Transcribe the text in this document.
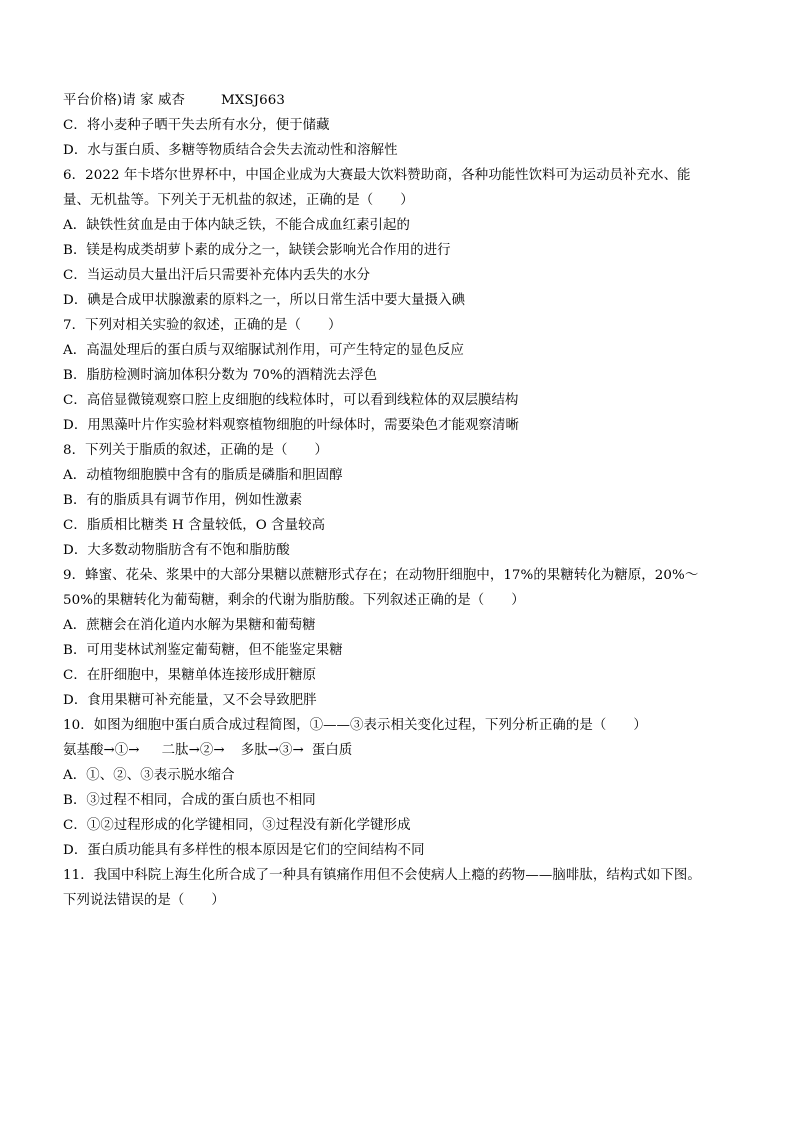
平台价格)请 家 威杏	MXSJ663
C．将小麦种子晒干失去所有水分，便于储藏
D．水与蛋白质、多糖等物质结合会失去流动性和溶解性
6．2022 年卡塔尔世界杯中，中国企业成为大赛最大饮料赞助商，各种功能性饮料可为运动员补充水、能
量、无机盐等。下列关于无机盐的叙述，正确的是（　　）
A．缺铁性贫血是由于体内缺乏铁，不能合成血红素引起的
B．镁是构成类胡萝卜素的成分之一，缺镁会影响光合作用的进行
C．当运动员大量出汗后只需要补充体内丢失的水分
D．碘是合成甲状腺激素的原料之一，所以日常生活中要大量摄入碘
7．下列对相关实验的叙述，正确的是（　　）
A．高温处理后的蛋白质与双缩脲试剂作用，可产生特定的显色反应
B．脂肪检测时滴加体积分数为 70%的酒精洗去浮色
C．高倍显微镜观察口腔上皮细胞的线粒体时，可以看到线粒体的双层膜结构
D．用黑藻叶片作实验材料观察植物细胞的叶绿体时，需要染色才能观察清晰
8．下列关于脂质的叙述，正确的是（　　）
A．动植物细胞膜中含有的脂质是磷脂和胆固醇
B．有的脂质具有调节作用，例如性激素
C．脂质相比糖类 H 含量较低，O 含量较高
D．大多数动物脂肪含有不饱和脂肪酸
9．蜂蜜、花朵、浆果中的大部分果糖以蔗糖形式存在；在动物肝细胞中，17%的果糖转化为糖原，20%～
50%的果糖转化为葡萄糖，剩余的代谢为脂肪酸。下列叙述正确的是（　　）
A．蔗糖会在消化道内水解为果糖和葡萄糖
B．可用斐林试剂鉴定葡萄糖，但不能鉴定果糖
C．在肝细胞中，果糖单体连接形成肝糖原
D．食用果糖可补充能量，又不会导致肥胖
10．如图为细胞中蛋白质合成过程简图，①——③表示相关变化过程，下列分析正确的是（　　）
氨基酸→①→ 二肽→②→ 多肽→③→ 蛋白质
A．①、②、③表示脱水缩合
B．③过程不相同，合成的蛋白质也不相同
C．①②过程形成的化学键相同，③过程没有新化学键形成
D．蛋白质功能具有多样性的根本原因是它们的空间结构不同
11．我国中科院上海生化所合成了一种具有镇痛作用但不会使病人上瘾的药物——脑啡肽，结构式如下图。
下列说法错误的是（　　）
